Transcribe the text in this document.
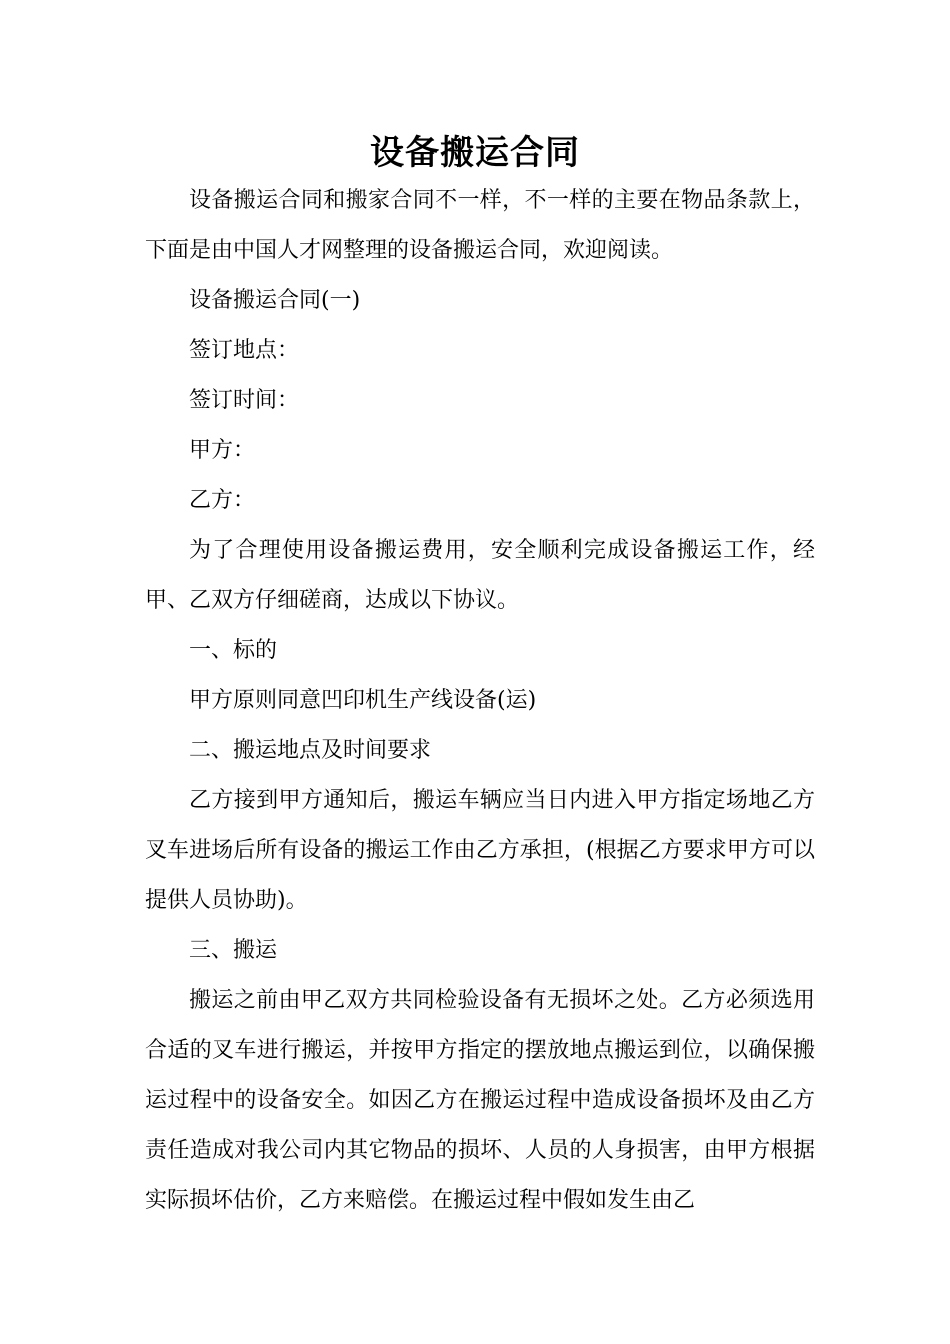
设备搬运合同

设备搬运合同和搬家合同不一样，不一样的主要在物品条款上，下面是由中国人才网整理的设备搬运合同，欢迎阅读。

设备搬运合同(一)

签订地点：

签订时间：

甲方：

乙方：

为了合理使用设备搬运费用，安全顺利完成设备搬运工作，经甲、乙双方仔细磋商，达成以下协议。

一、标的

甲方原则同意凹印机生产线设备(运)

二、搬运地点及时间要求

乙方接到甲方通知后，搬运车辆应当日内进入甲方指定场地乙方叉车进场后所有设备的搬运工作由乙方承担，(根据乙方要求甲方可以提供人员协助)。

三、搬运

搬运之前由甲乙双方共同检验设备有无损坏之处。乙方必须选用合适的叉车进行搬运，并按甲方指定的摆放地点搬运到位，以确保搬运过程中的设备安全。如因乙方在搬运过程中造成设备损坏及由乙方责任造成对我公司内其它物品的损坏、人员的人身损害，由甲方根据实际损坏估价，乙方来赔偿。在搬运过程中假如发生由乙
